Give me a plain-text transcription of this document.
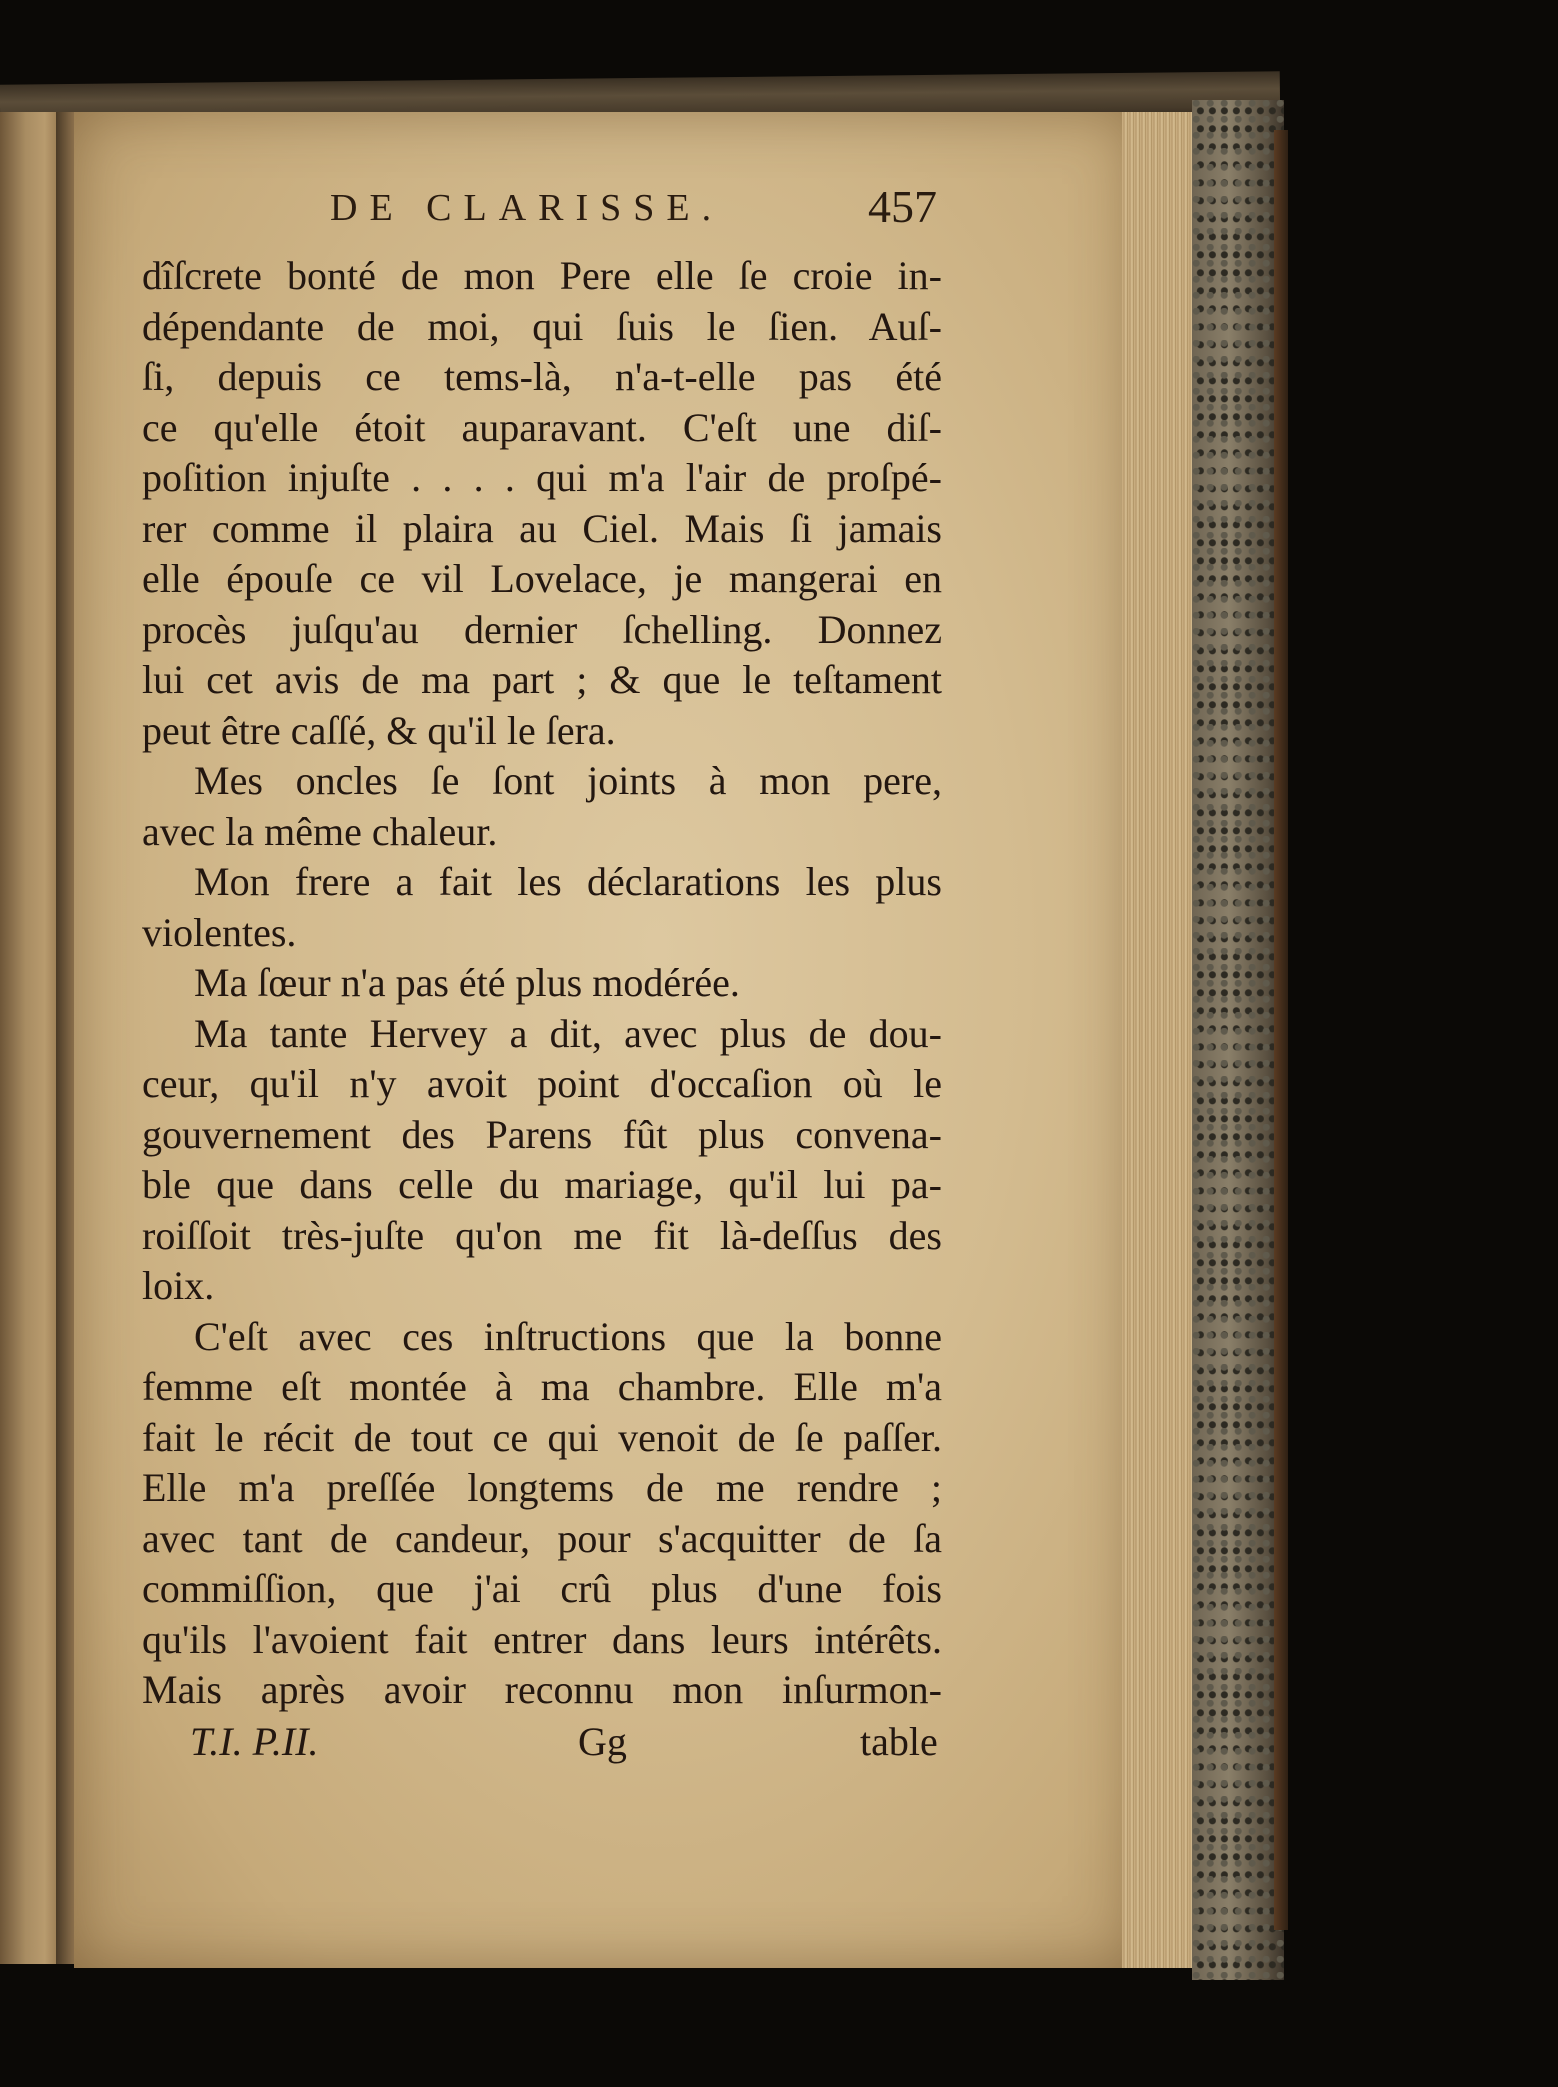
DE CLARISSE.	457
dîſcrete bonté de mon Pere elle ſe croie in-
dépendante de moi, qui ſuis le ſien. Auſ-
ſi, depuis ce tems-là, n'a-t-elle pas été
ce qu'elle étoit auparavant. C'eſt une diſ-
poſition injuſte . . . . qui m'a l'air de proſpé-
rer comme il plaira au Ciel. Mais ſi jamais
elle épouſe ce vil Lovelace, je mangerai en
procès juſqu'au dernier ſchelling. Donnez
lui cet avis de ma part ; & que le teſtament
peut être caſſé, & qu'il le ſera.
Mes oncles ſe ſont joints à mon pere,
avec la même chaleur.
Mon frere a fait les déclarations les plus
violentes.
Ma ſœur n'a pas été plus modérée.
Ma tante Hervey a dit, avec plus de dou-
ceur, qu'il n'y avoit point d'occaſion où le
gouvernement des Parens fût plus convena-
ble que dans celle du mariage, qu'il lui pa-
roiſſoit très-juſte qu'on me fit là-deſſus des
loix.
C'eſt avec ces inſtructions que la bonne
femme eſt montée à ma chambre. Elle m'a
fait le récit de tout ce qui venoit de ſe paſſer.
Elle m'a preſſée longtems de me rendre ;
avec tant de candeur, pour s'acquitter de ſa
commiſſion, que j'ai crû plus d'une fois
qu'ils l'avoient fait entrer dans leurs intérêts.
Mais après avoir reconnu mon inſurmon-
T.I. P.II.	Gg	table
